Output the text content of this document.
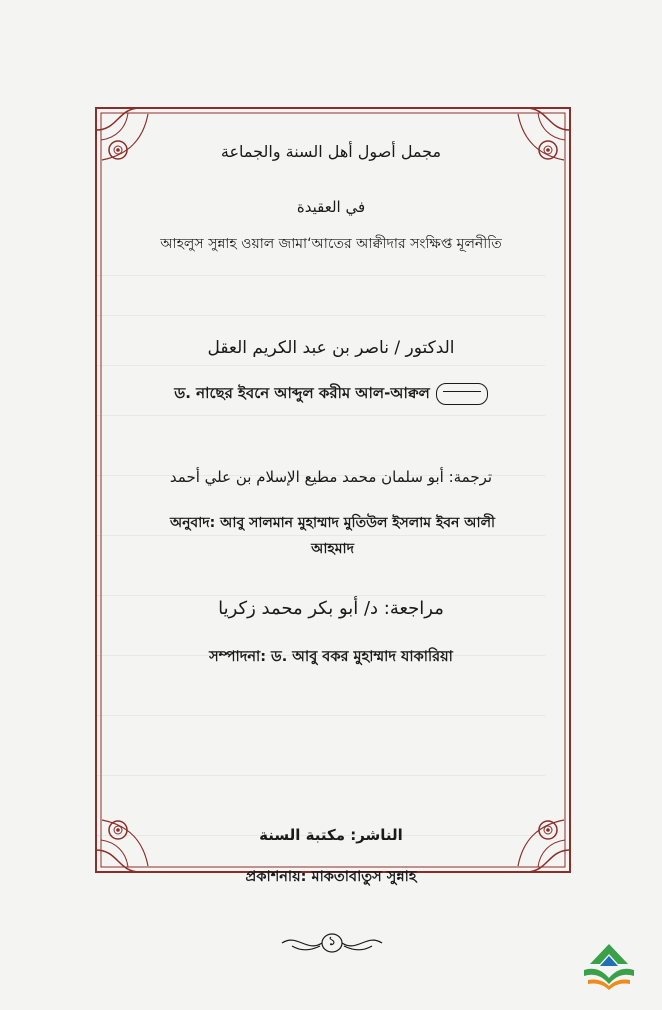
مجمل أصول أهل السنة والجماعة
في العقيدة
আহলুস সুন্নাহ ওয়াল জামা‘আতের আক্বীদার সংক্ষিপ্ত মূলনীতি
الدكتور / ناصر بن عبد الكريم العقل
ড. নাছের ইবনে আব্দুল করীম আল-আক্বল
ترجمة: أبو سلمان محمد مطيع الإسلام بن علي أحمد
অনুবাদ: আবু সালমান মুহাম্মাদ মুতিউল ইসলাম ইবন আলী আহমাদ
مراجعة: د/ أبو بكر محمد زكريا
সম্পাদনা: ড. আবু বকর মুহাম্মাদ যাকারিয়া
الناشر: مكتبة السنة
প্রকাশনায়: মাকতাবাতুস সুন্নাহ
১
